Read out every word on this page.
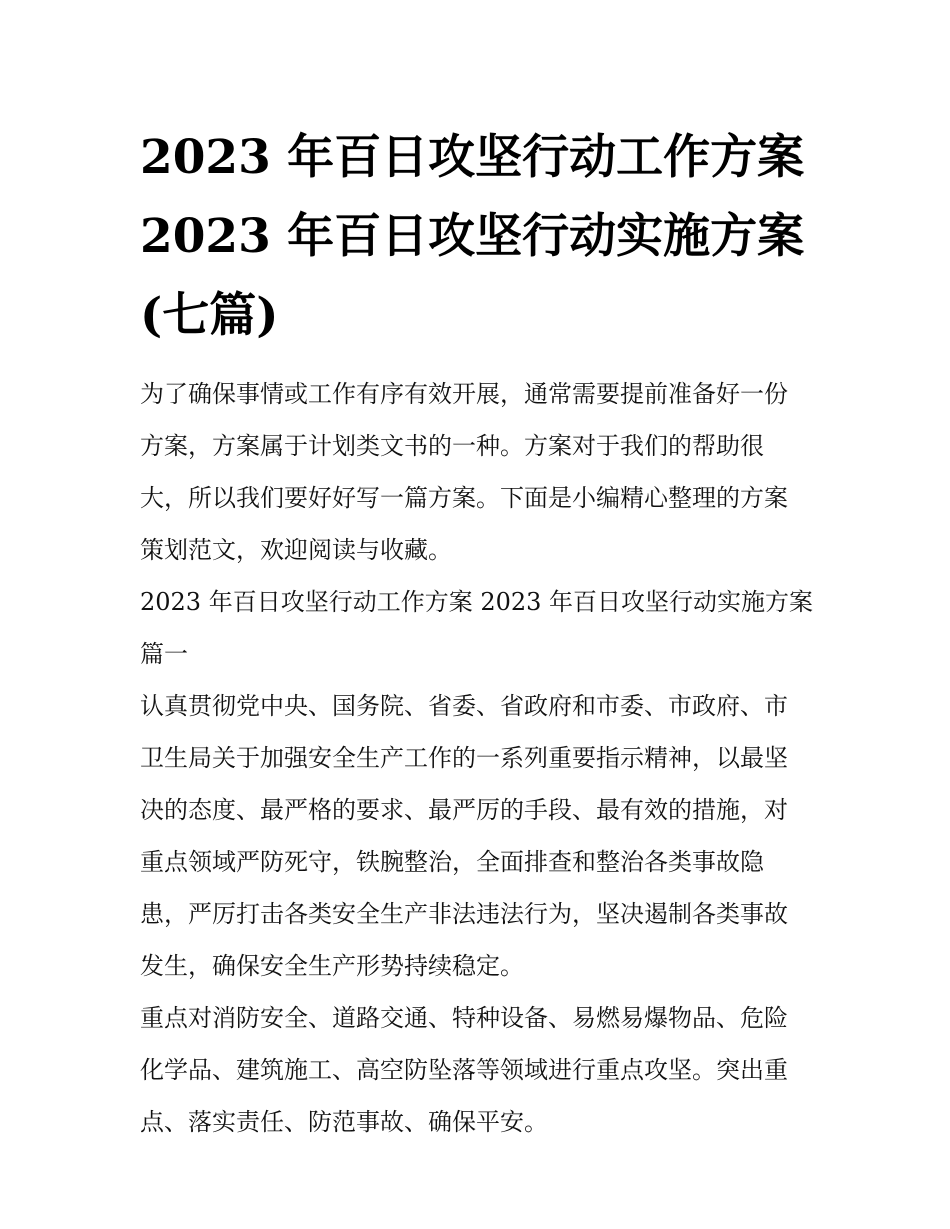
2023 年百日攻坚行动工作方案
2023 年百日攻坚行动实施方案
(七篇)

为了确保事情或工作有序有效开展，通常需要提前准备好一份
方案，方案属于计划类文书的一种。方案对于我们的帮助很
大，所以我们要好好写一篇方案。下面是小编精心整理的方案
策划范文，欢迎阅读与收藏。

2023 年百日攻坚行动工作方案 2023 年百日攻坚行动实施方案
篇一

认真贯彻党中央、国务院、省委、省政府和市委、市政府、市
卫生局关于加强安全生产工作的一系列重要指示精神，以最坚
决的态度、最严格的要求、最严厉的手段、最有效的措施，对
重点领域严防死守，铁腕整治，全面排查和整治各类事故隐
患，严厉打击各类安全生产非法违法行为，坚决遏制各类事故
发生，确保安全生产形势持续稳定。

重点对消防安全、道路交通、特种设备、易燃易爆物品、危险
化学品、建筑施工、高空防坠落等领域进行重点攻坚。突出重
点、落实责任、防范事故、确保平安。
